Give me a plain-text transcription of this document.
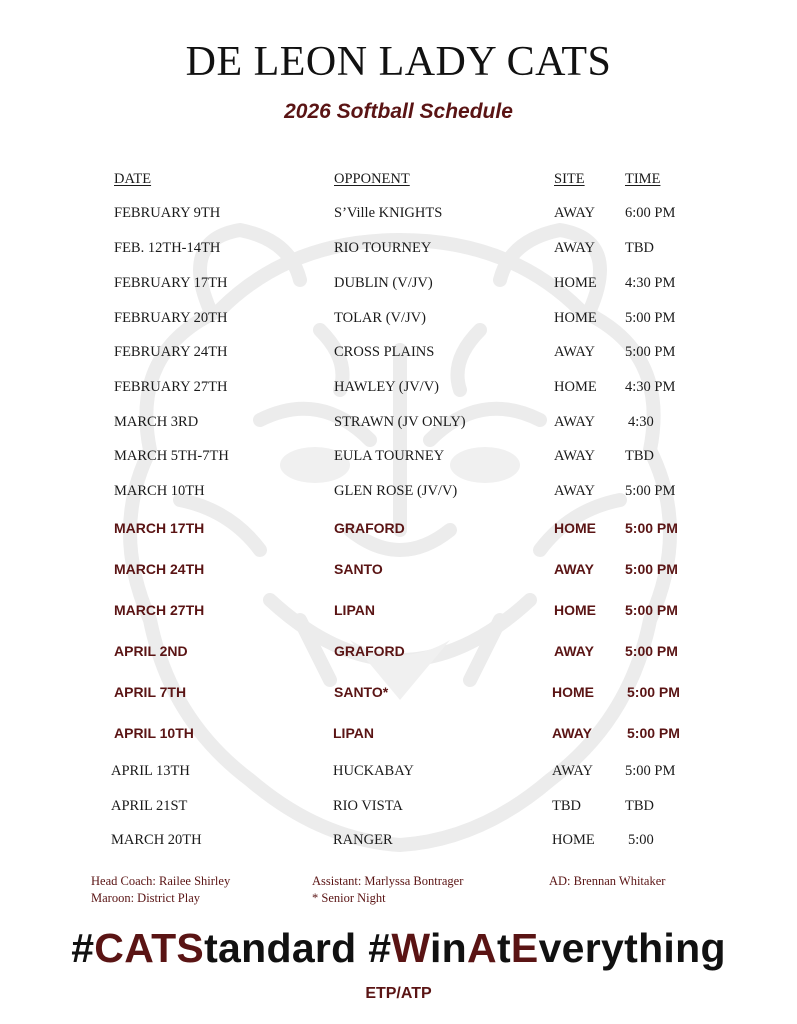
DE LEON LADY CATS
2026 Softball Schedule
DATE	OPPONENT	SITE	TIME
FEBRUARY 9TH	S’Ville KNIGHTS	AWAY 6:00 PM
FEB. 12TH-14TH	RIO TOURNEY	AWAY TBD
FEBRUARY 17TH	DUBLIN (V/JV)	HOME 4:30 PM
FEBRUARY 20TH	TOLAR (V/JV)	HOME 5:00 PM
FEBRUARY 24TH	CROSS PLAINS	AWAY 5:00 PM
FEBRUARY 27TH	HAWLEY (JV/V)	HOME 4:30 PM
MARCH 3RD	STRAWN (JV ONLY)	AWAY 4:30
MARCH 5TH-7TH	EULA TOURNEY	AWAY TBD
MARCH 10TH	GLEN ROSE (JV/V)	AWAY 5:00 PM
MARCH 17TH	GRAFORD	HOME 5:00 PM
MARCH 24TH	SANTO	AWAY 5:00 PM
MARCH 27TH	LIPAN	HOME 5:00 PM
APRIL 2ND	GRAFORD	AWAY 5:00 PM
APRIL 7TH	SANTO*	HOME 5:00 PM
APRIL 10TH	LIPAN	AWAY	5:00 PM
APRIL 13TH	HUCKABAY	AWAY 5:00 PM
APRIL 21ST	RIO VISTA	TBD	TBD
MARCH 20TH	RANGER	HOME 5:00
Head Coach: Railee Shirley	Assistant: Marlyssa Bontrager	AD: Brennan Whitaker
Maroon: District Play	* Senior Night
#CATStandard #WinAtEverything
ETP/ATP
